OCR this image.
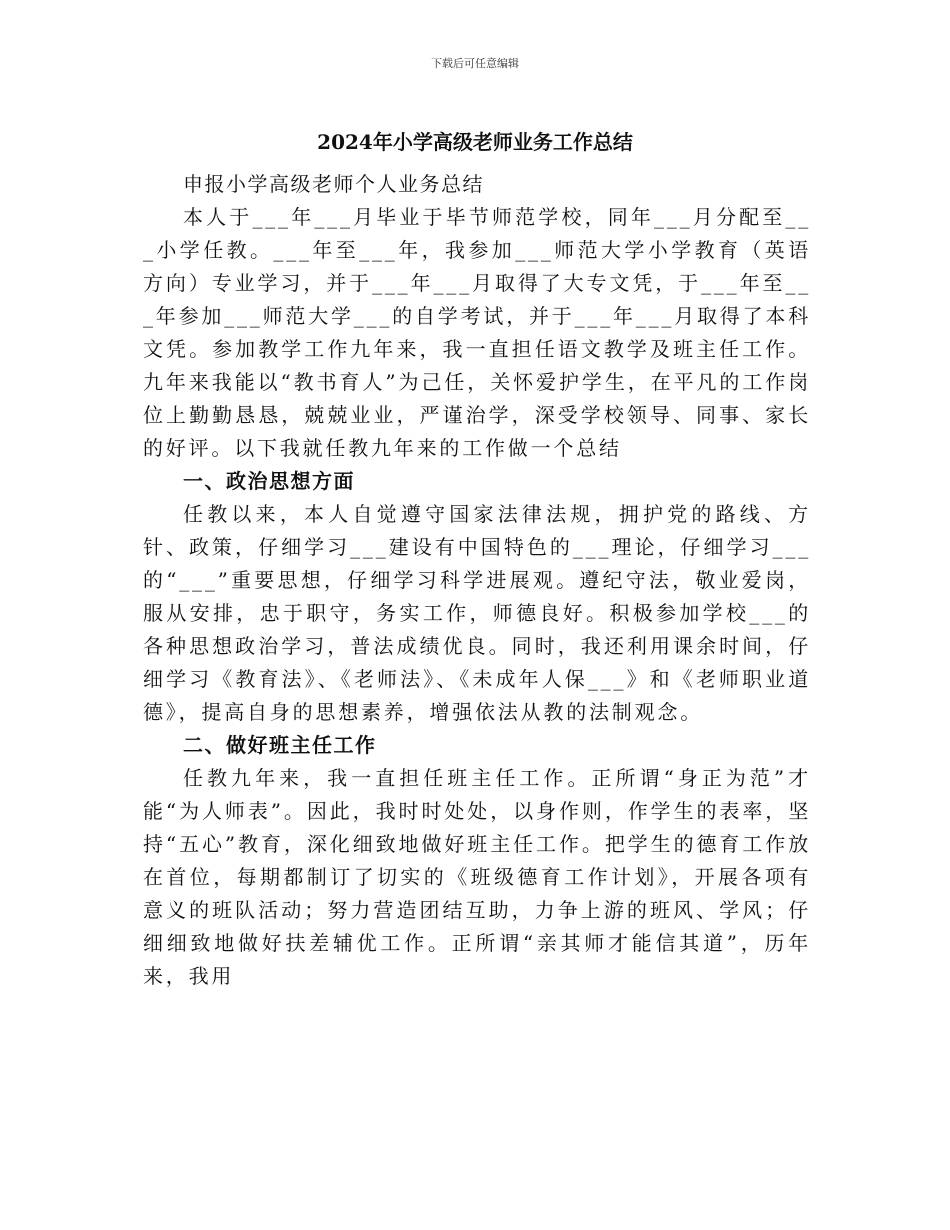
下载后可任意编辑
2024年小学高级老师业务工作总结

申报小学高级老师个人业务总结

本人于___年___月毕业于毕节师范学校，同年___月分配至___小学任教。___年至___年，我参加___师范大学小学教育（英语方向）专业学习，并于___年___月取得了大专文凭，于___年至___年参加___师范大学___的自学考试，并于___年___月取得了本科文凭。参加教学工作九年来，我一直担任语文教学及班主任工作。九年来我能以“教书育人”为己任，关怀爱护学生，在平凡的工作岗位上勤勤恳恳，兢兢业业，严谨治学，深受学校领导、同事、家长的好评。以下我就任教九年来的工作做一个总结

一、政治思想方面

任教以来，本人自觉遵守国家法律法规，拥护党的路线、方针、政策，仔细学习___建设有中国特色的___理论，仔细学习___的“___”重要思想，仔细学习科学进展观。遵纪守法，敬业爱岗，服从安排，忠于职守，务实工作，师德良好。积极参加学校___的各种思想政治学习，普法成绩优良。同时，我还利用课余时间，仔细学习《教育法》、《老师法》、《未成年人保___》和《老师职业道德》，提高自身的思想素养，增强依法从教的法制观念。

二、做好班主任工作

任教九年来，我一直担任班主任工作。正所谓“身正为范”才能“为人师表”。因此，我时时处处，以身作则，作学生的表率，坚持“五心”教育，深化细致地做好班主任工作。把学生的德育工作放在首位，每期都制订了切实的《班级德育工作计划》，开展各项有意义的班队活动；努力营造团结互助，力争上游的班风、学风；仔细细致地做好扶差辅优工作。正所谓“亲其师才能信其道”，历年来，我用
